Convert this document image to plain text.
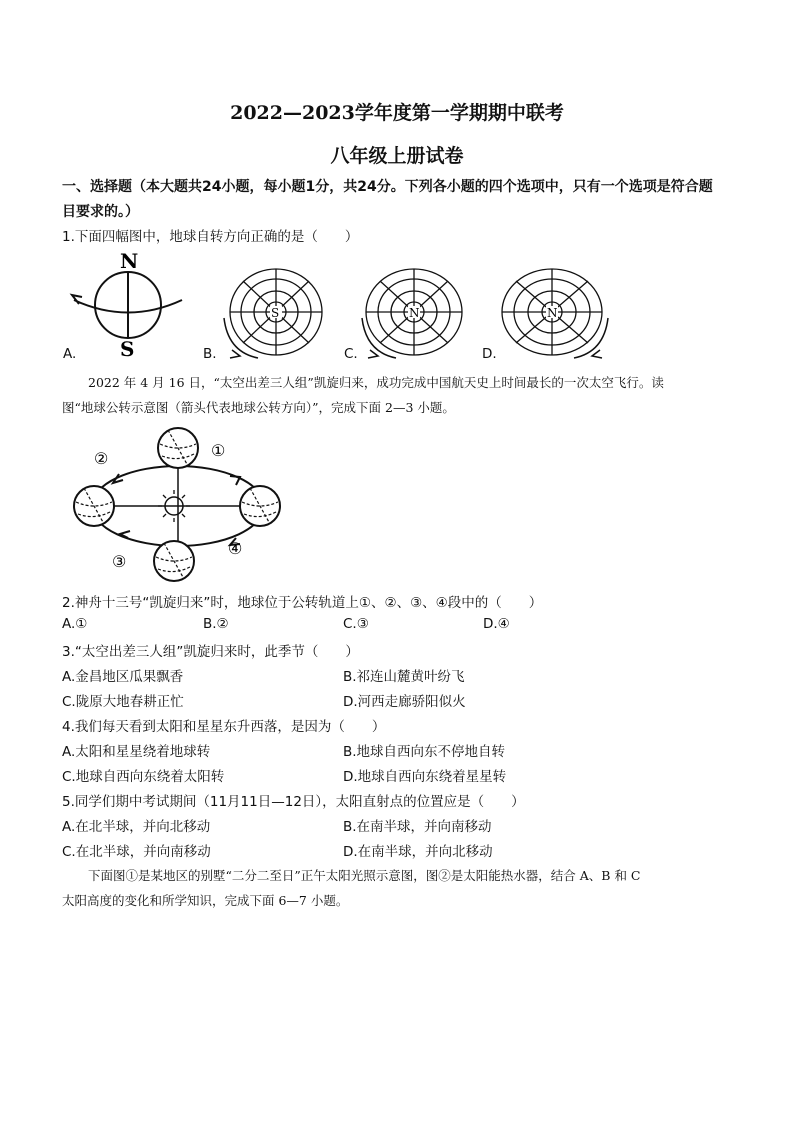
2022—2023学年度第一学期期中联考
八年级上册试卷
一、选择题（本大题共24小题，每小题1分，共24分。下列各小题的四个选项中，只有一个选项是符合题
目要求的。）
1.下面四幅图中，地球自转方向正确的是（　　）
N
S
A.
S
B.
N
C.
N
D.
2022 年 4 月 16 日，“太空出差三人组”凯旋归来，成功完成中国航天史上时间最长的一次太空飞行。读
图“地球公转示意图（箭头代表地球公转方向）”，完成下面 2—3 小题。
①
②
③
④
2.神舟十三号“凯旋归来”时，地球位于公转轨道上①、②、③、④段中的（　　）
A.①	B.②	C.③	D.④
3.“太空出差三人组”凯旋归来时，此季节（　　）
A.金昌地区瓜果飘香	B.祁连山麓黄叶纷飞
C.陇原大地春耕正忙	D.河西走廊骄阳似火
4.我们每天看到太阳和星星东升西落，是因为（　　）
A.太阳和星星绕着地球转	B.地球自西向东不停地自转
C.地球自西向东绕着太阳转	D.地球自西向东绕着星星转
5.同学们期中考试期间（11月11日—12日），太阳直射点的位置应是（　　）
A.在北半球，并向北移动	B.在南半球，并向南移动
C.在北半球，并向南移动	D.在南半球，并向北移动
下面图①是某地区的别墅“二分二至日”正午太阳光照示意图，图②是太阳能热水器，结合 A、B 和 C
太阳高度的变化和所学知识，完成下面 6—7 小题。
